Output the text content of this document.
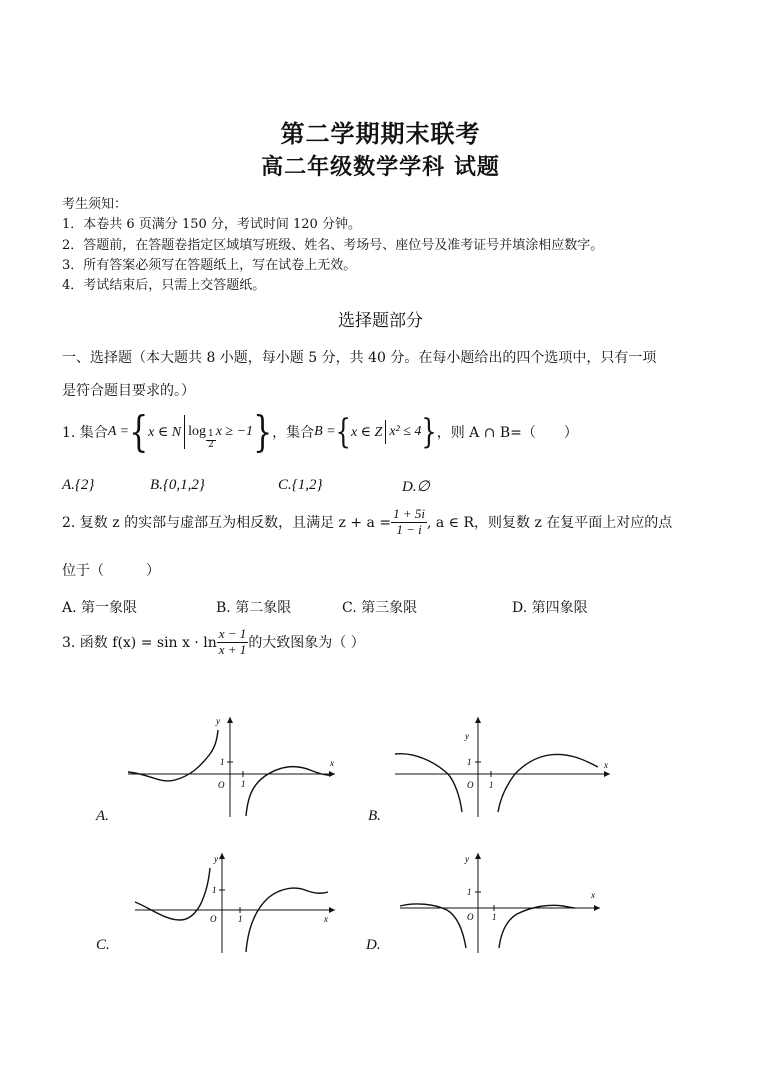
第二学期期末联考
高二年级数学学科 试题
考生须知：
1．本卷共 6 页满分 150 分，考试时间 120 分钟。
2．答题前，在答题卷指定区域填写班级、姓名、考场号、座位号及准考证号并填涂相应数字。
3．所有答案必须写在答题纸上，写在试卷上无效。
4．考试结束后，只需上交答题纸。
选择题部分
一、选择题（本大题共 8 小题，每小题 5 分，共 40 分。在每小题给出的四个选项中，只有一项
是符合题目要求的。）
1. 集合 A = { x ∈ N $\log \frac{1}{2}$ x ≥ −1 } ，集合 B = { x ∈ Z x² ≤ 4 } ，则 A ∩ B=（　　）
A.{2}	B.{0,1,2}	C.{1,2}	D.∅
2. 复数 z 的实部与虚部互为相反数，且满足 $z + a = \frac{1 + 5i}{1 - i}$ , a ∈ R，则复数 z 在复平面上对应的点
位于（　　　）
A. 第一象限	B. 第二象限	C. 第三象限	D. 第四象限
3. 函数 $f(x) = \sin x \cdot \ln \frac{x - 1}{x + 1}$ 的大致图象为（ ）
y
x
O 1
1
A.
y
x
O 1
1
B.
y
x
O 1
1
C.
y
x
O 1
1
D.
